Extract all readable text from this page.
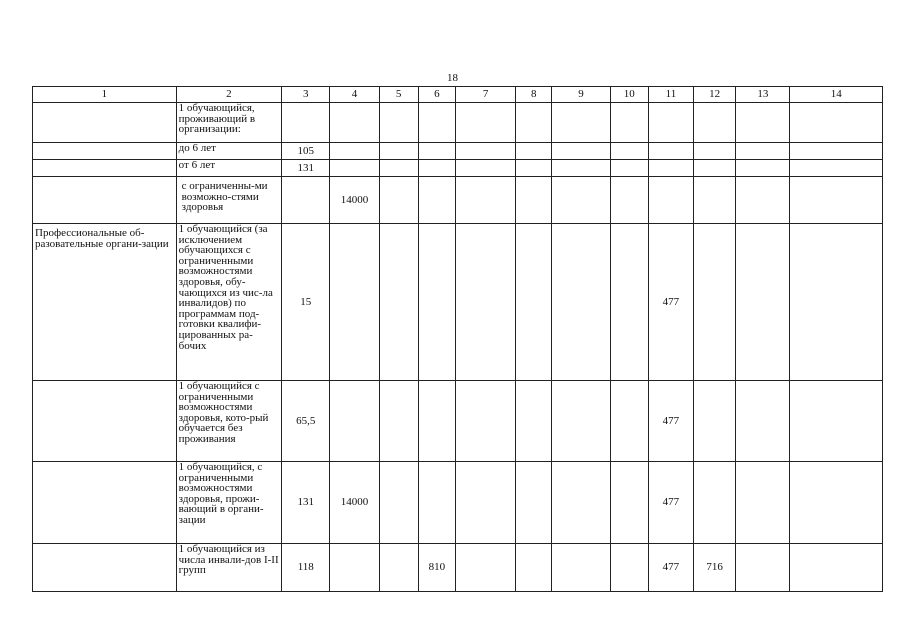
18
1	2	3	4	5	6	7	8	9	10	11	12	13	14
	1 обучающийся, проживающий в организации:												
	до 6 лет	105											
	от 6 лет	131											
	с ограниченны-ми возможно-стями здоровья		14000										
Профессиональные об-разовательные органи-зации	1 обучающийся (за исключением обучающихся с ограниченными возможностями здоровья, обу-чающихся из чис-ла инвалидов) по программам под-готовки квалифи-цированных ра-бочих	15								477			
	1 обучающийся с ограниченными возможностями здоровья, кото-рый обучается без проживания	65,5								477			
	1 обучающийся, с ограниченными возможностями здоровья, прожи-вающий в органи-зации	131	14000							477			
	1 обучающийся из числа инвали-дов I-II групп	118			810					477	716		
